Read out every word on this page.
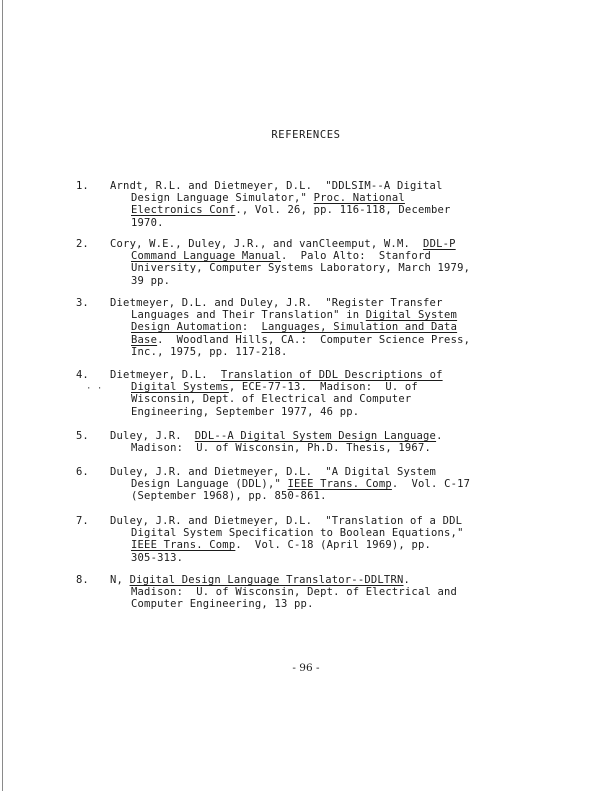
· ·
REFERENCES
1. Arndt, R.L. and Dietmeyer, D.L.  "DDLSIM--A Digital
Design Language Simulator," Proc. National
Electronics Conf., Vol. 26, pp. 116-118, December
1970.
2. Cory, W.E., Duley, J.R., and vanCleemput, W.M.  DDL-P
Command Language Manual.  Palo Alto:  Stanford
University, Computer Systems Laboratory, March 1979,
39 pp.
3. Dietmeyer, D.L. and Duley, J.R.  "Register Transfer
Languages and Their Translation" in Digital System
Design Automation:  Languages, Simulation and Data
Base.  Woodland Hills, CA.:  Computer Science Press,
Inc., 1975, pp. 117-218.
4. Dietmeyer, D.L.  Translation of DDL Descriptions of
Digital Systems, ECE-77-13.  Madison:  U. of
Wisconsin, Dept. of Electrical and Computer
Engineering, September 1977, 46 pp.
5. Duley, J.R.  DDL--A Digital System Design Language.
Madison:  U. of Wisconsin, Ph.D. Thesis, 1967.
6. Duley, J.R. and Dietmeyer, D.L.  "A Digital System
Design Language (DDL)," IEEE Trans. Comp.  Vol. C-17
(September 1968), pp. 850-861.
7. Duley, J.R. and Dietmeyer, D.L.  "Translation of a DDL
Digital System Specification to Boolean Equations,"
IEEE Trans. Comp.  Vol. C-18 (April 1969), pp.
305-313.
8. N, Digital Design Language Translator--DDLTRN.
Madison:  U. of Wisconsin, Dept. of Electrical and
Computer Engineering, 13 pp.
- 96 -
